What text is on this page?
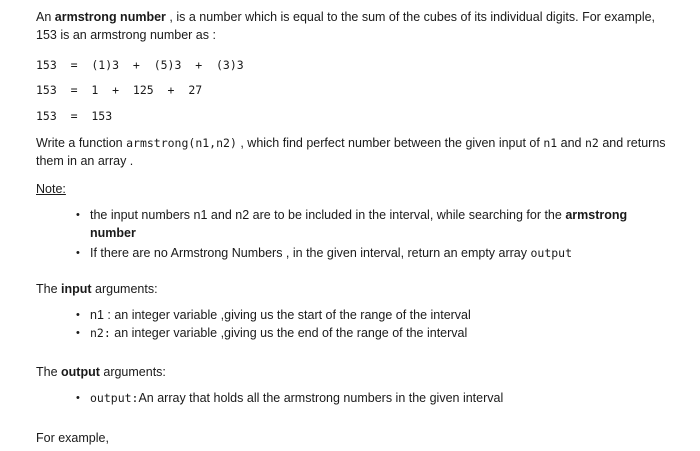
An armstrong number , is a number which is equal to the sum of the cubes of its individual digits. For example, 153 is an armstrong number as :

153  =  (1)3  +  (5)3  +  (3)3
153  =  1  +  125  +  27
153  =  153

Write a function armstrong(n1,n2) , which find perfect number between the given input of n1 and n2 and returns them in an array .

Note:

• the input numbers n1 and n2 are to be included in the interval, while searching for the armstrong number
• If there are no Armstrong Numbers , in the given interval, return an empty array output

The input arguments:

• n1 : an integer variable ,giving us the start of the range of the interval
• n2: an integer variable ,giving us the end of the range of the interval

The output arguments:

• output:An array that holds all the armstrong numbers in the given interval

For example,
